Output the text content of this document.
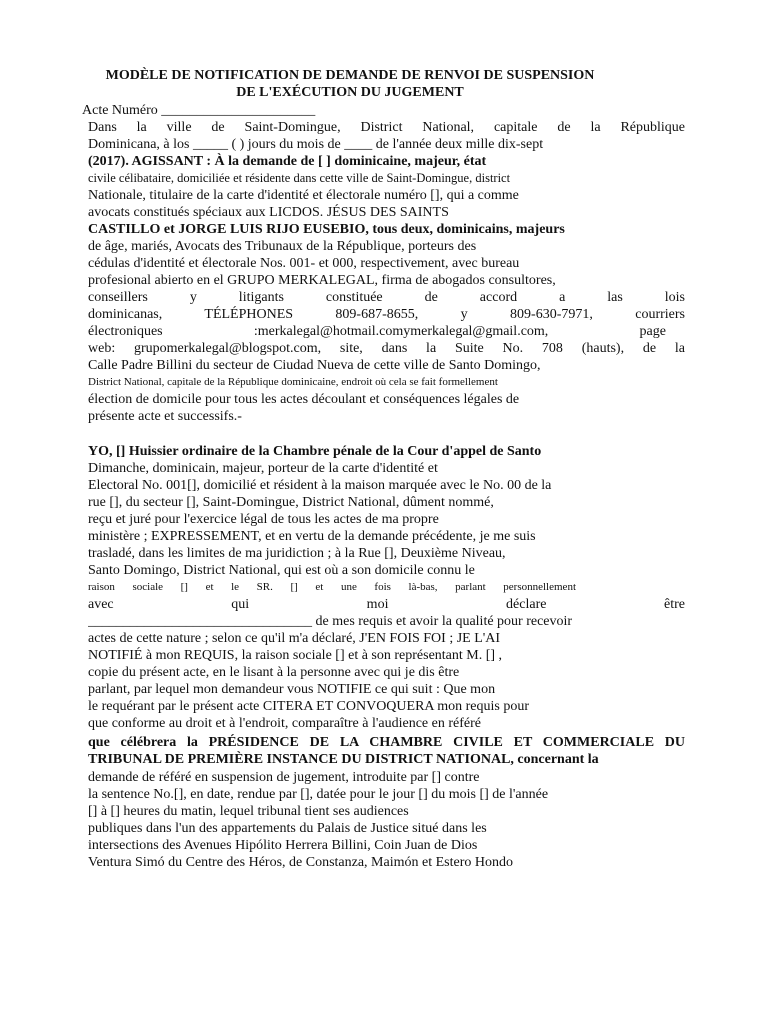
MODÈLE DE NOTIFICATION DE DEMANDE DE RENVOI DE SUSPENSION
DE L'EXÉCUTION DU JUGEMENT
Acte Numéro ______________________
Dans la ville de Saint-Domingue, District National, capitale de la République
Dominicana, à los _____ ( ) jours du mois de ____ de l'année deux mille dix-sept
(2017). AGISSANT : À la demande de [ ] dominicaine, majeur, état
civile célibataire, domiciliée et résidente dans cette ville de Saint-Domingue, district
Nationale, titulaire de la carte d'identité et électorale numéro [], qui a comme
avocats constitués spéciaux aux LICDOS. JÉSUS DES SAINTS
CASTILLO et JORGE LUIS RIJO EUSEBIO, tous deux, dominicains, majeurs
de âge, mariés, Avocats des Tribunaux de la République, porteurs des
cédulas d'identité et électorale Nos. 001- et 000, respectivement, avec bureau
profesional abierto en el GRUPO MERKALEGAL, firma de abogados consultores,
conseillers y litigants constituée de accord a las lois
dominicanas, TÉLÉPHONES 809-687-8655, y 809-630-7971, courriers
électroniques :merkalegal@hotmail.comymerkalegal@gmail.com, page
web: grupomerkalegal@blogspot.com, site, dans la Suite No. 708 (hauts), de la
Calle Padre Billini du secteur de Ciudad Nueva de cette ville de Santo Domingo,
District National, capitale de la République dominicaine, endroit où cela se fait formellement
élection de domicile pour tous les actes découlant et conséquences légales de
présente acte et successifs.-
YO, [] Huissier ordinaire de la Chambre pénale de la Cour d'appel de Santo
Dimanche, dominicain, majeur, porteur de la carte d'identité et
Electoral No. 001[], domicilié et résident à la maison marquée avec le No. 00 de la
rue [], du secteur [], Saint-Domingue, District National, dûment nommé,
reçu et juré pour l'exercice légal de tous les actes de ma propre
ministère ; EXPRESSEMENT, et en vertu de la demande précédente, je me suis
trasladé, dans les limites de ma juridiction ; à la Rue [], Deuxième Niveau,
Santo Domingo, District National, qui est où a son domicile connu le
raison sociale [] et le SR. [] et une fois là-bas, parlant personnellement
avec qui moi déclare être
________________________________ de mes requis et avoir la qualité pour recevoir
actes de cette nature ; selon ce qu'il m'a déclaré, J'EN FOIS FOI ; JE L'AI
NOTIFIÉ à mon REQUIS, la raison sociale [] et à son représentant M. [] ,
copie du présent acte, en le lisant à la personne avec qui je dis être
parlant, par lequel mon demandeur vous NOTIFIE ce qui suit : Que mon
le requérant par le présent acte CITERA ET CONVOQUERA mon requis pour
que conforme au droit et à l'endroit, comparaître à l'audience en référé
que célébrera la PRÉSIDENCE DE LA CHAMBRE CIVILE ET COMMERCIALE DU
TRIBUNAL DE PREMIÈRE INSTANCE DU DISTRICT NATIONAL, concernant la
demande de référé en suspension de jugement, introduite par [] contre
la sentence No.[], en date, rendue par [], datée pour le jour [] du mois [] de l'année
[] à [] heures du matin, lequel tribunal tient ses audiences
publiques dans l'un des appartements du Palais de Justice situé dans les
intersections des Avenues Hipólito Herrera Billini, Coin Juan de Dios
Ventura Simó du Centre des Héros, de Constanza, Maimón et Estero Hondo
